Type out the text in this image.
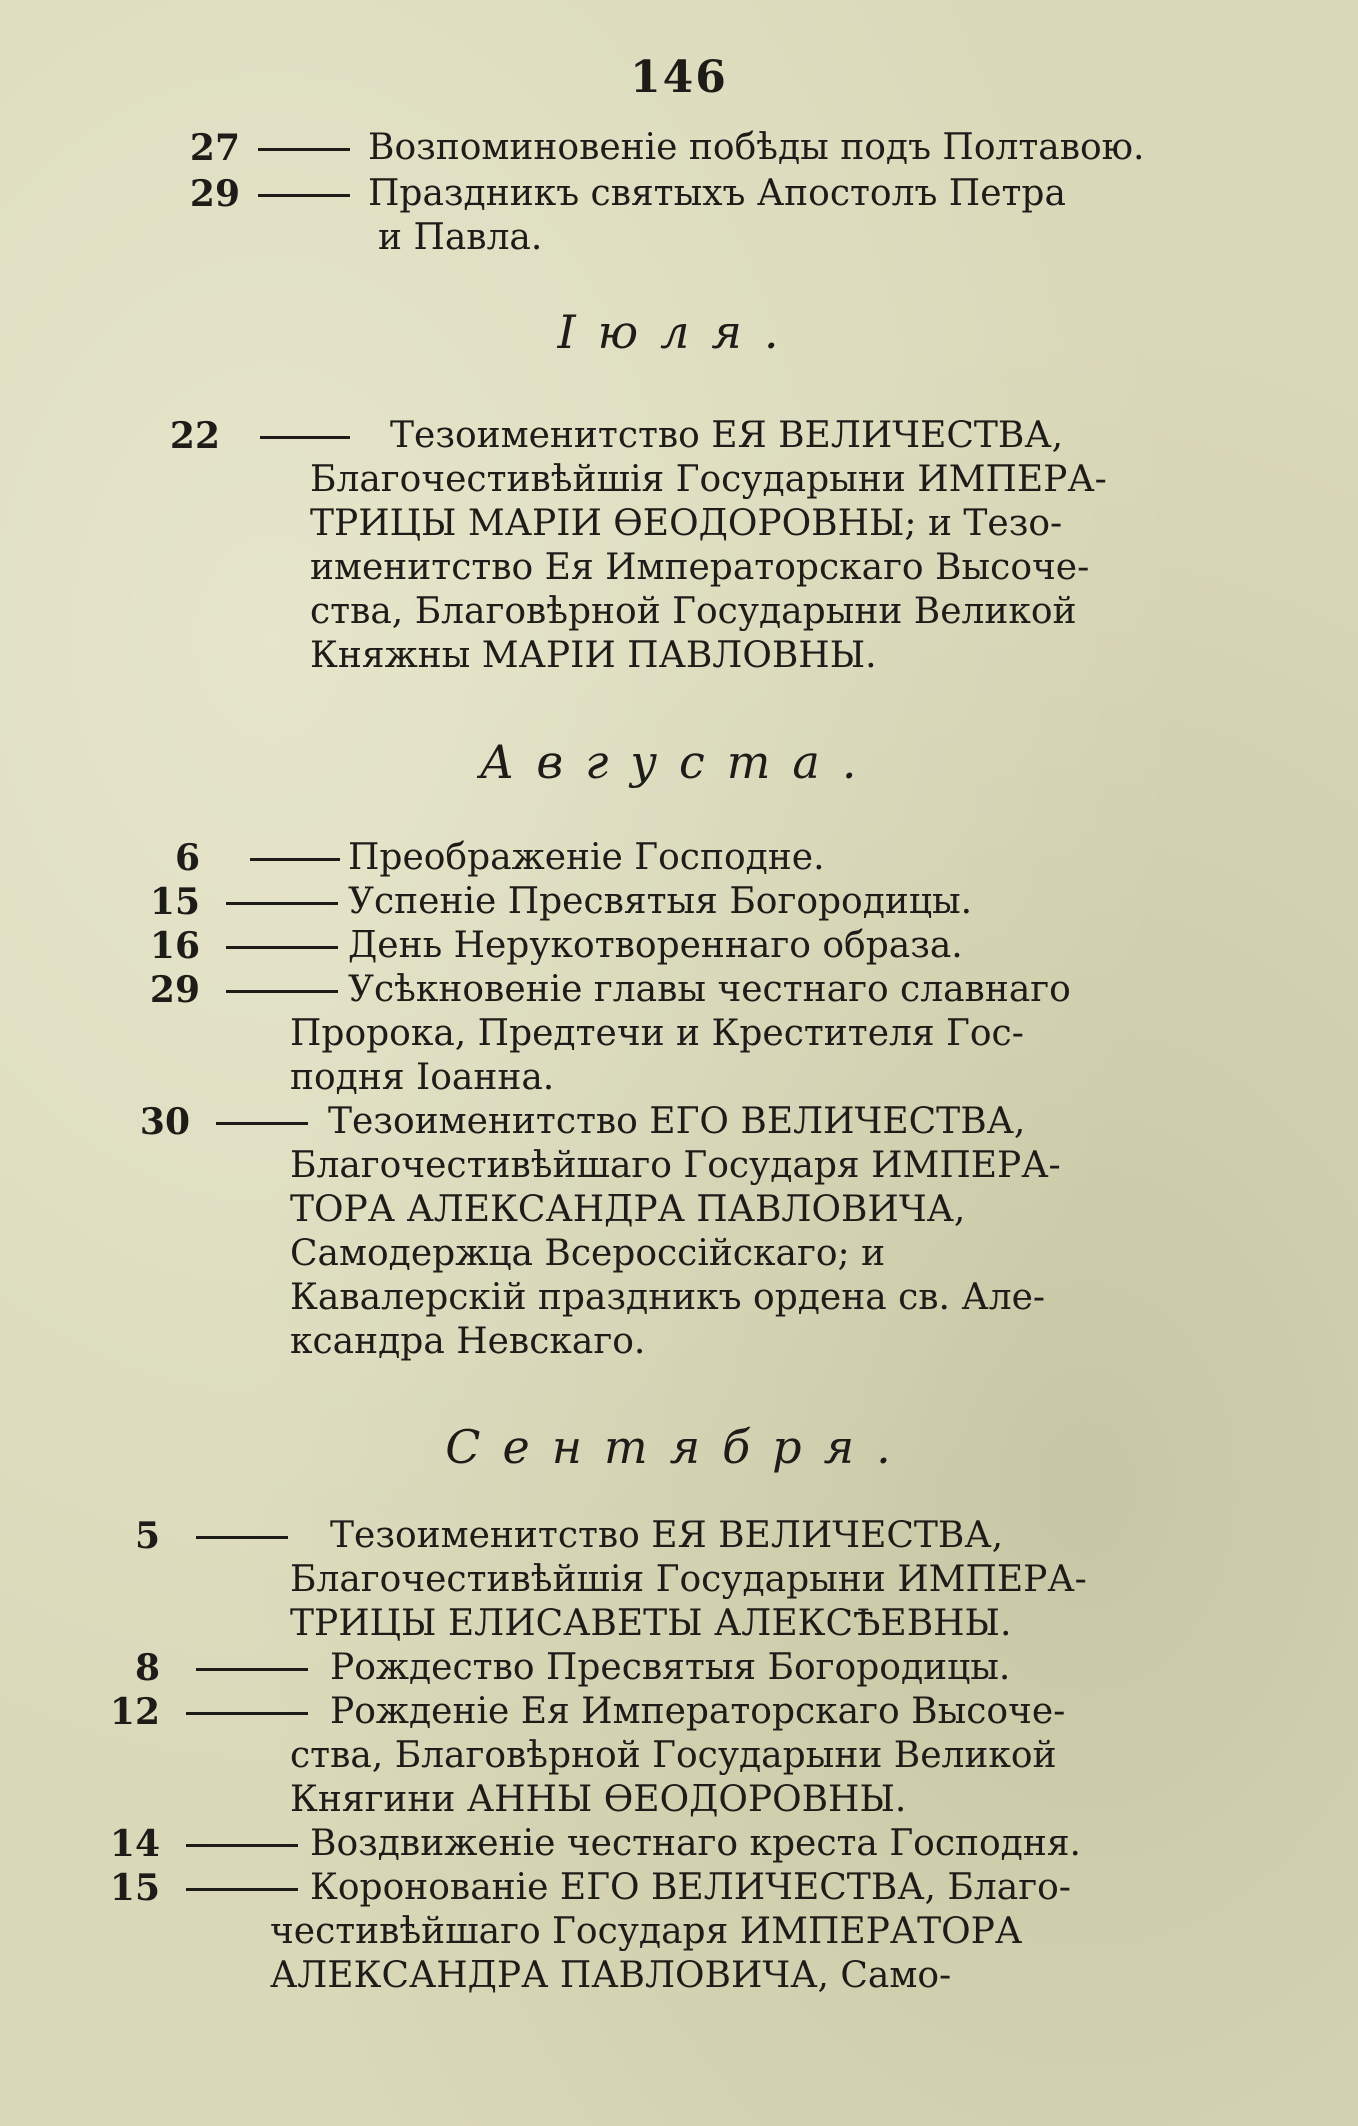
146
27	Возпоминовеніе побѣды подъ Полтавою.
29	Праздникъ святыхъ Апостолъ Петра
и Павла.
Іюля.
22	Тезоименитство ЕЯ ВЕЛИЧЕСТВА,
Благочестивѣйшія Государыни ИМПЕРА-
ТРИЦЫ МАРІИ ѲЕОДОРОВНЫ; и Тезо-
именитство Ея Императорскаго Высоче-
ства, Благовѣрной Государыни Великой
Княжны МАРІИ ПАВЛОВНЫ.
Августа.
6	Преображеніе Господне.
15	Успеніе Пресвятыя Богородицы.
16	День Нерукотвореннаго образа.
29	Усѣкновеніе главы честнаго славнаго
Пророка, Предтечи и Крестителя Гос-
подня Іоанна.
30	Тезоименитство ЕГО ВЕЛИЧЕСТВА,
Благочестивѣйшаго Государя ИМПЕРА-
ТОРА АЛЕКСАНДРА ПАВЛОВИЧА,
Самодержца Всероссійскаго; и
Кавалерскій праздникъ ордена св. Але-
ксандра Невскаго.
Сентября.
5	Тезоименитство ЕЯ ВЕЛИЧЕСТВА,
Благочестивѣйшія Государыни ИМПЕРА-
ТРИЦЫ ЕЛИСАВЕТЫ АЛЕКСѢЕВНЫ.
8	Рождество Пресвятыя Богородицы.
12	Рожденіе Ея Императорскаго Высоче-
ства, Благовѣрной Государыни Великой
Княгини АННЫ ѲЕОДОРОВНЫ.
14	Воздвиженіе честнаго креста Господня.
15	Коронованіе ЕГО ВЕЛИЧЕСТВА, Благо-
честивѣйшаго Государя ИМПЕРАТОРА
АЛЕКСАНДРА ПАВЛОВИЧА, Само-
